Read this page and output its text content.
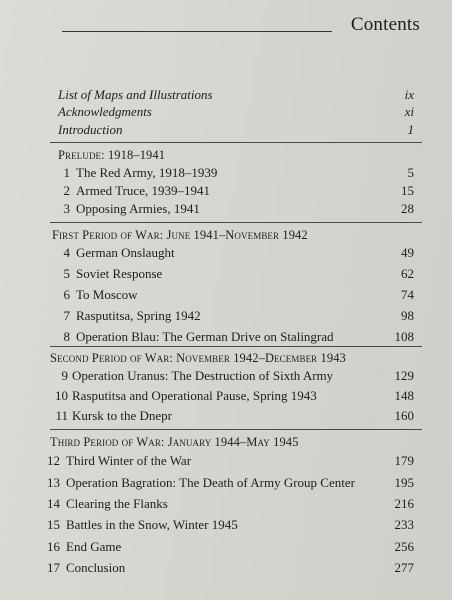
Contents
List of Maps and Illustrations	ix
Acknowledgments	xi
Introduction	1
Prelude: 1918–1941
1 The Red Army, 1918–1939	5
2 Armed Truce, 1939–1941	15
3 Opposing Armies, 1941	28
First Period of War: June 1941–November 1942
4 German Onslaught	49
5 Soviet Response	62
6 To Moscow	74
7 Rasputitsa, Spring 1942	98
8 Operation Blau: The German Drive on Stalingrad	108
Second Period of War: November 1942–December 1943
9 Operation Uranus: The Destruction of Sixth Army	129
10 Rasputitsa and Operational Pause, Spring 1943	148
11 Kursk to the Dnepr	160
Third Period of War: January 1944–May 1945
12 Third Winter of the War	179
13 Operation Bagration: The Death of Army Group Center	195
14 Clearing the Flanks	216
15 Battles in the Snow, Winter 1945	233
16 End Game	256
17 Conclusion	277
